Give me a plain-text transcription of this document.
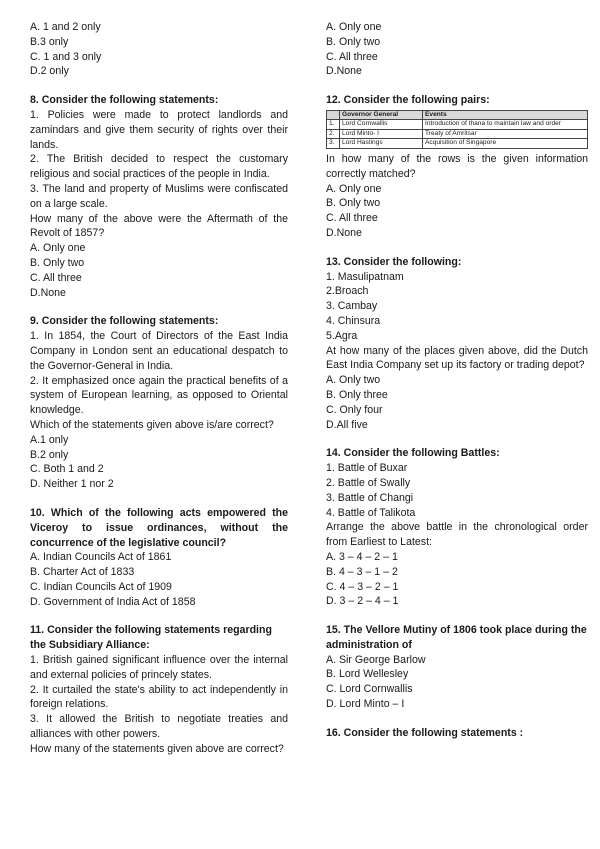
A. 1 and 2 only

B.3 only

C. 1 and 3 only

D.2 only

8. Consider the following statements:

1. Policies were made to protect landlords and zamindars and give them security of rights over their lands.

2. The British decided to respect the customary religious and social practices of the people in India.

3. The land and property of Muslims were confiscated on a large scale.

How many of the above were the Aftermath of the Revolt of 1857?

A. Only one

B. Only two

C. All three

D.None

9. Consider the following statements:

1. In 1854, the Court of Directors of the East India Company in London sent an educational despatch to the Governor-General in India.

2. It emphasized once again the practical benefits of a system of European learning, as opposed to Oriental knowledge.

Which of the statements given above is/are correct?

A.1 only

B.2 only

C. Both 1 and 2

D. Neither 1 nor 2

10. Which of the following acts empowered the Viceroy to issue ordinances, without the concurrence of the legislative council?

A. Indian Councils Act of 1861

B. Charter Act of 1833

C. Indian Councils Act of 1909

D. Government of India Act of 1858

11. Consider the following statements regarding the Subsidiary Alliance:

1. British gained significant influence over the internal and external policies of princely states.

2. It curtailed the state's ability to act independently in foreign relations.

3. It allowed the British to negotiate treaties and alliances with other powers.

How many of the statements given above are correct?

A. Only one

B. Only two

C. All three

D.None

12. Consider the following pairs:

	Governor General	Events
1.	Lord Cornwallis	Introduction of thana to maintain law and order
2.	Lord Minto- I	Treaty of Amritsar
3.	Lord Hastings	Acquisition of Singapore

In how many of the rows is the given information correctly matched?

A. Only one

B. Only two

C. All three

D.None

13. Consider the following:

1. Masulipatnam

2.Broach

3. Cambay

4. Chinsura

5.Agra

At how many of the places given above, did the Dutch East India Company set up its factory or trading depot?

A. Only two

B. Only three

C. Only four

D.All five

14. Consider the following Battles:

1. Battle of Buxar

2. Battle of Swally

3. Battle of Changi

4. Battle of Talikota

Arrange the above battle in the chronological order from Earliest to Latest:

A. 3 – 4 – 2 – 1

B. 4 – 3 – 1 – 2

C. 4 – 3 – 2 – 1

D. 3 – 2 – 4 – 1

15. The Vellore Mutiny of 1806 took place during the administration of

A. Sir George Barlow

B. Lord Wellesley

C. Lord Cornwallis

D. Lord Minto – I

16. Consider the following statements :
